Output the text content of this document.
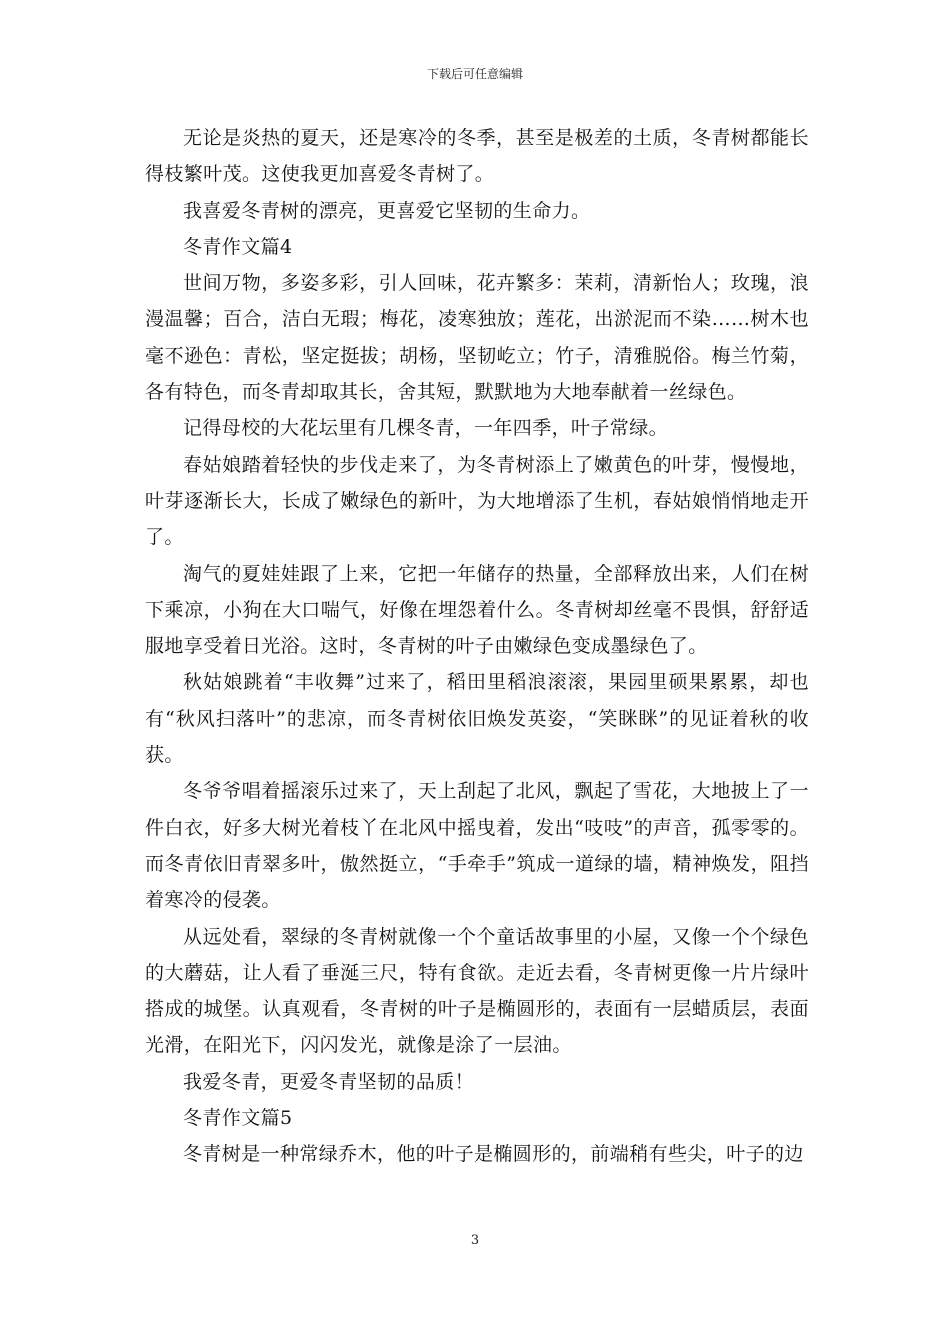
下载后可任意编辑

无论是炎热的夏天，还是寒冷的冬季，甚至是极差的土质，冬青树都能长得枝繁叶茂。这使我更加喜爱冬青树了。

我喜爱冬青树的漂亮，更喜爱它坚韧的生命力。

冬青作文篇4

世间万物，多姿多彩，引人回味，花卉繁多：茉莉，清新怡人；玫瑰，浪漫温馨；百合，洁白无瑕；梅花，凌寒独放；莲花，出淤泥而不染……树木也毫不逊色：青松，坚定挺拔；胡杨，坚韧屹立；竹子，清雅脱俗。梅兰竹菊，各有特色，而冬青却取其长，舍其短，默默地为大地奉献着一丝绿色。

记得母校的大花坛里有几棵冬青，一年四季，叶子常绿。

春姑娘踏着轻快的步伐走来了，为冬青树添上了嫩黄色的叶芽，慢慢地，叶芽逐渐长大，长成了嫩绿色的新叶，为大地增添了生机，春姑娘悄悄地走开了。

淘气的夏娃娃跟了上来，它把一年储存的热量，全部释放出来，人们在树下乘凉，小狗在大口喘气，好像在埋怨着什么。冬青树却丝毫不畏惧，舒舒适服地享受着日光浴。这时，冬青树的叶子由嫩绿色变成墨绿色了。

秋姑娘跳着“丰收舞”过来了，稻田里稻浪滚滚，果园里硕果累累，却也有“秋风扫落叶”的悲凉，而冬青树依旧焕发英姿，“笑眯眯”的见证着秋的收获。

冬爷爷唱着摇滚乐过来了，天上刮起了北风，飘起了雪花，大地披上了一件白衣，好多大树光着枝丫在北风中摇曳着，发出“吱吱”的声音，孤零零的。而冬青依旧青翠多叶，傲然挺立，“手牵手”筑成一道绿的墙，精神焕发，阻挡着寒冷的侵袭。

从远处看，翠绿的冬青树就像一个个童话故事里的小屋，又像一个个绿色的大蘑菇，让人看了垂涎三尺，特有食欲。走近去看，冬青树更像一片片绿叶搭成的城堡。认真观看，冬青树的叶子是椭圆形的，表面有一层蜡质层，表面光滑，在阳光下，闪闪发光，就像是涂了一层油。

我爱冬青，更爱冬青坚韧的品质！

冬青作文篇5

冬青树是一种常绿乔木，他的叶子是椭圆形的，前端稍有些尖，叶子的边

3
